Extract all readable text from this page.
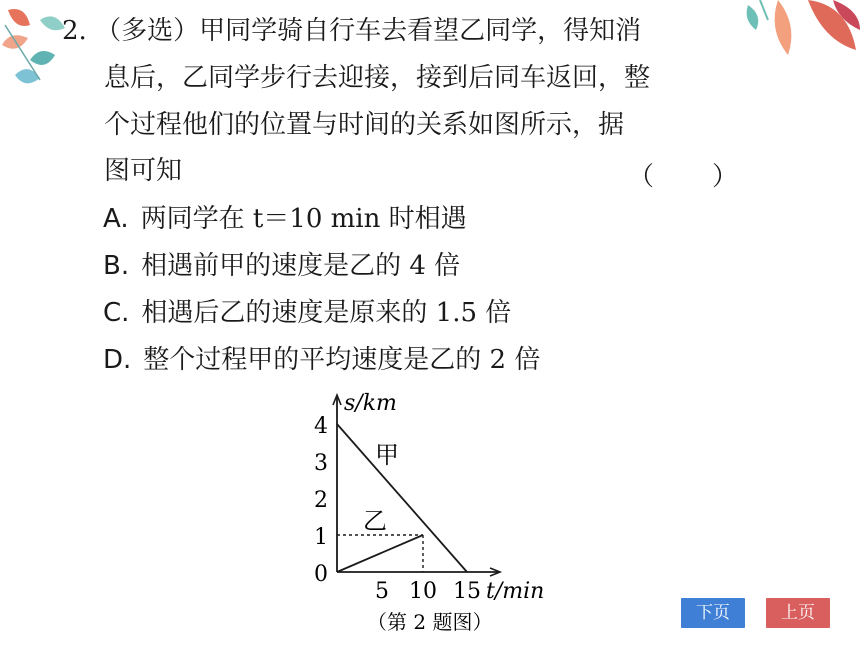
2. （多选）甲同学骑自行车去看望乙同学，得知消
息后，乙同学步行去迎接，接到后同车返回，整
个过程他们的位置与时间的关系如图所示，据
图可知	（ ）
A. 两同学在 t＝10 min 时相遇
B. 相遇前甲的速度是乙的 4 倍
C. 相遇后乙的速度是原来的 1.5 倍
D. 整个过程甲的平均速度是乙的 2 倍
s/km
t/min
0
1
2
3
4
5 10 15
甲
乙
（第 2 题图）	下页	上页
